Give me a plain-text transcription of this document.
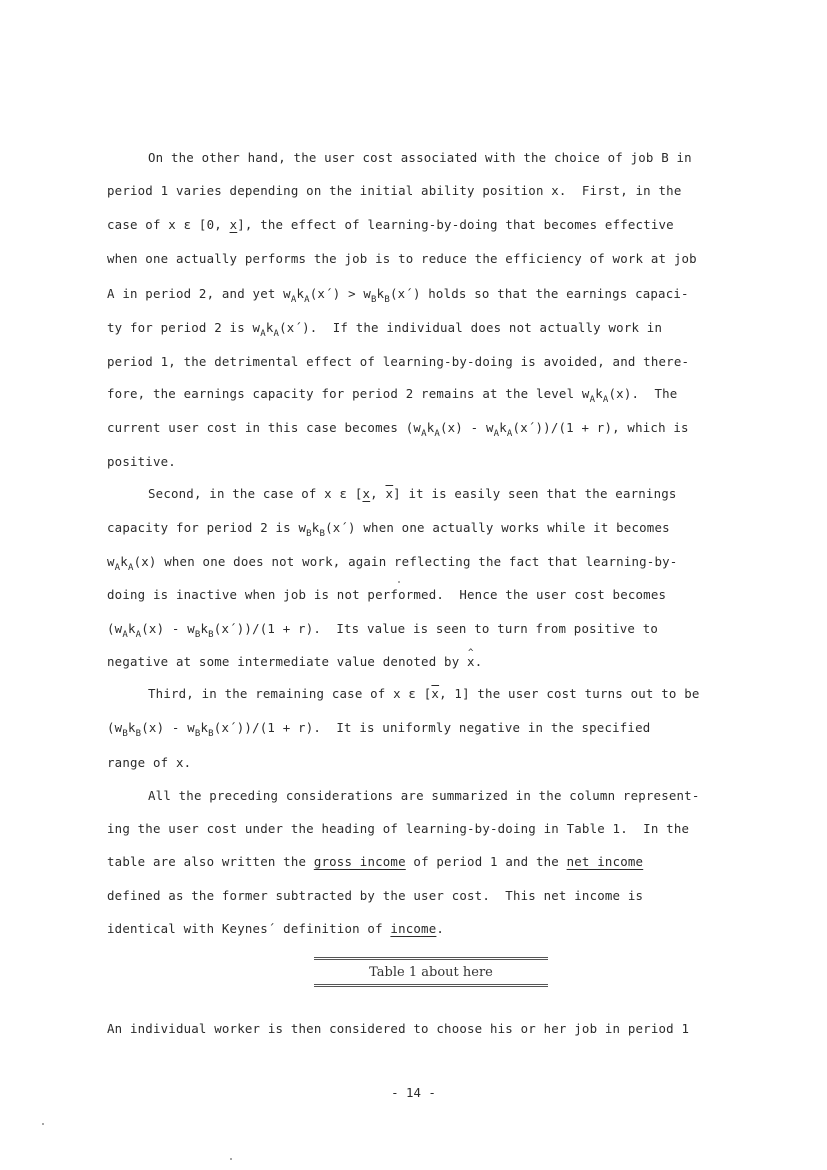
On the other hand, the user cost associated with the choice of job B in
period 1 varies depending on the initial ability position x.  First, in the
case of x ε [0, x], the effect of learning-by-doing that becomes effective
when one actually performs the job is to reduce the efficiency of work at job
A in period 2, and yet $w_Ak_A(x´)$ > $w_Bk_B(x´)$ holds so that the earnings capaci-
ty for period 2 is $w_Ak_A(x´)$.  If the individual does not actually work in
period 1, the detrimental effect of learning-by-doing is avoided, and there-
fore, the earnings capacity for period 2 remains at the level $w_Ak_A(x)$.  The
current user cost in this case becomes ($w_Ak_A(x)$ - $w_Ak_A(x´))/(1 + r)$, which is
positive.
Second, in the case of x ε [x, $\overline{x}$] it is easily seen that the earnings
capacity for period 2 is $w_Bk_B(x´)$ when one actually works while it becomes
$w_Ak_A(x)$ when one does not work, again reflecting the fact that learning-by-
doing is inactive when job is not performed.  Hence the user cost becomes
($w_Ak_A(x)$ - $w_Bk_B(x´))/(1 + r)$.  Its value is seen to turn from positive to
negative at some intermediate value denoted by ^ x.
Third, in the remaining case of x ε [$\overline{x}$, 1] the user cost turns out to be
($w_Bk_B(x)$ - $w_Bk_B(x´))/(1 + r)$.  It is uniformly negative in the specified
range of x.
All the preceding considerations are summarized in the column represent-
ing the user cost under the heading of learning-by-doing in Table 1.  In the
table are also written the gross income of period 1 and the net income
defined as the former subtracted by the user cost.  This net income is
identical with Keynes´ definition of income.
Table 1 about here
An individual worker is then considered to choose his or her job in period 1
- 14 -
